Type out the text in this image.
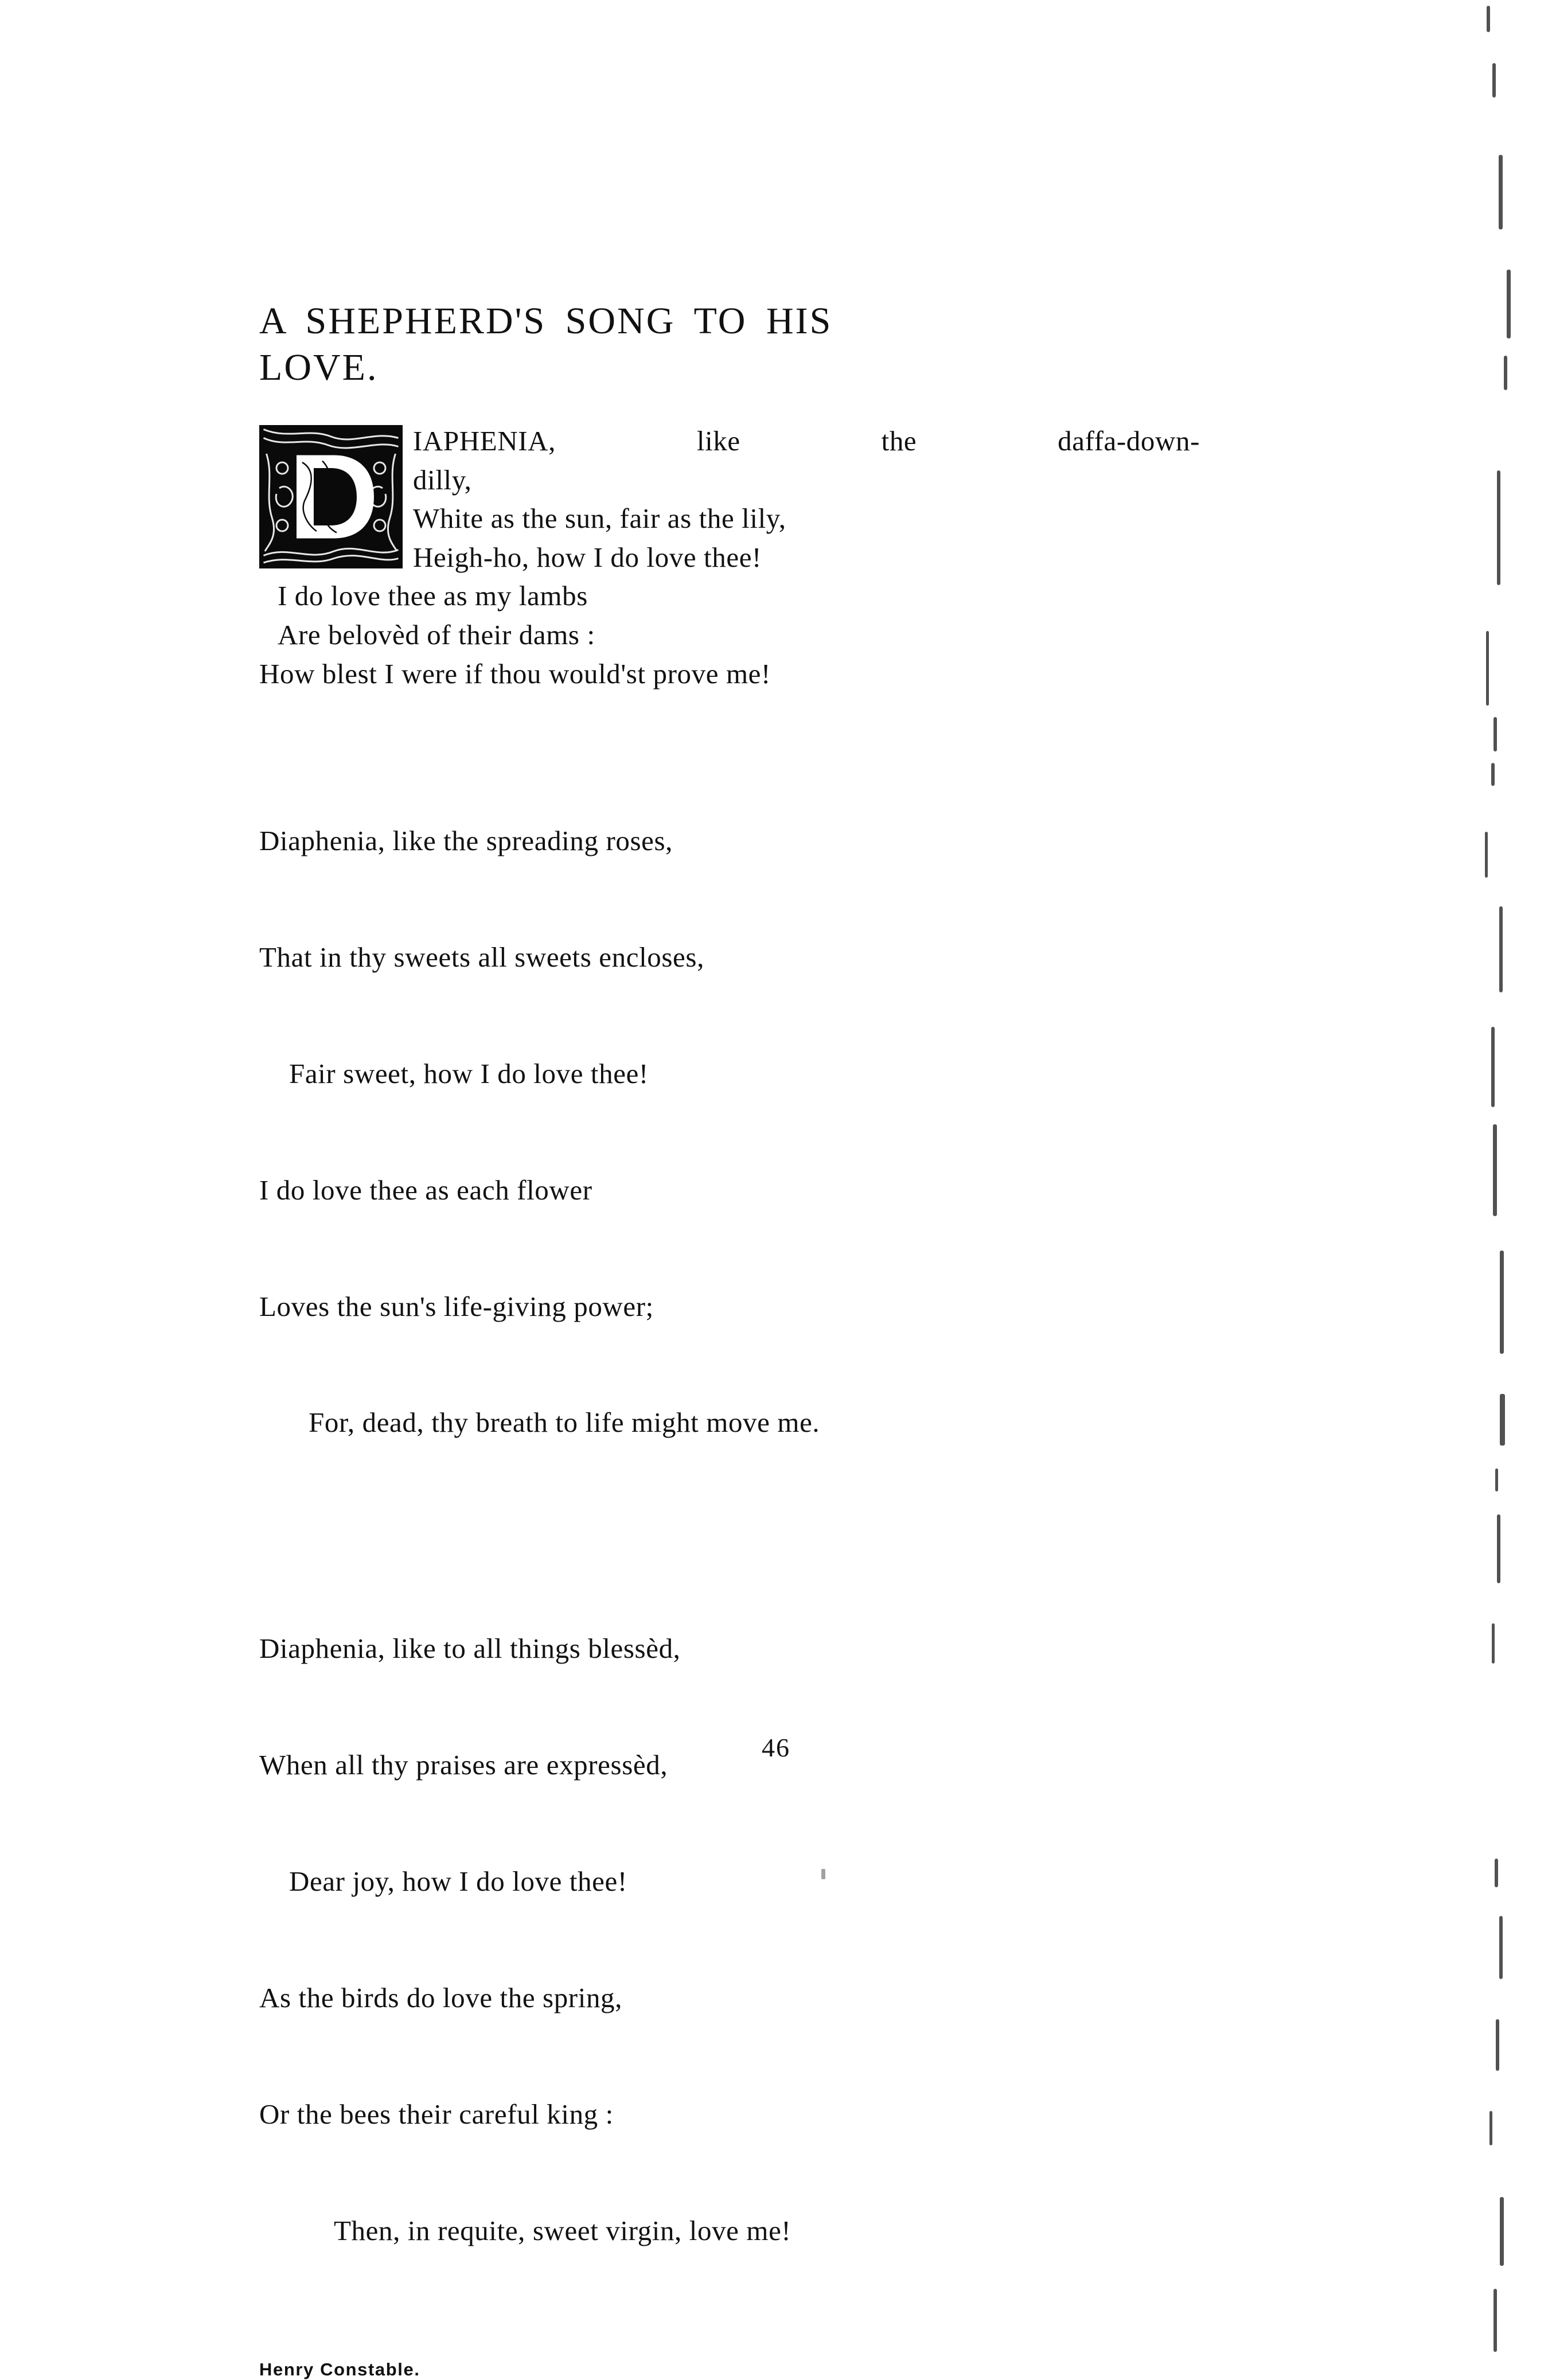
A SHEPHERD'S SONG TO HIS
LOVE.
IAPHENIA, like the daffa-down-
dilly,
White as the sun, fair as the lily,
Heigh-ho, how I do love thee!
I do love thee as my lambs
Are belovèd of their dams :
How blest I were if thou would'st prove me!

Diaphenia, like the spreading roses,

That in thy sweets all sweets encloses,

Fair sweet, how I do love thee!

I do love thee as each flower

Loves the sun's life-giving power;

For, dead, thy breath to life might move me.

Diaphenia, like to all things blessèd,

When all thy praises are expressèd,

Dear joy, how I do love thee!

As the birds do love the spring,

Or the bees their careful king :

Then, in requite, sweet virgin, love me!

Henry Constable.
46
